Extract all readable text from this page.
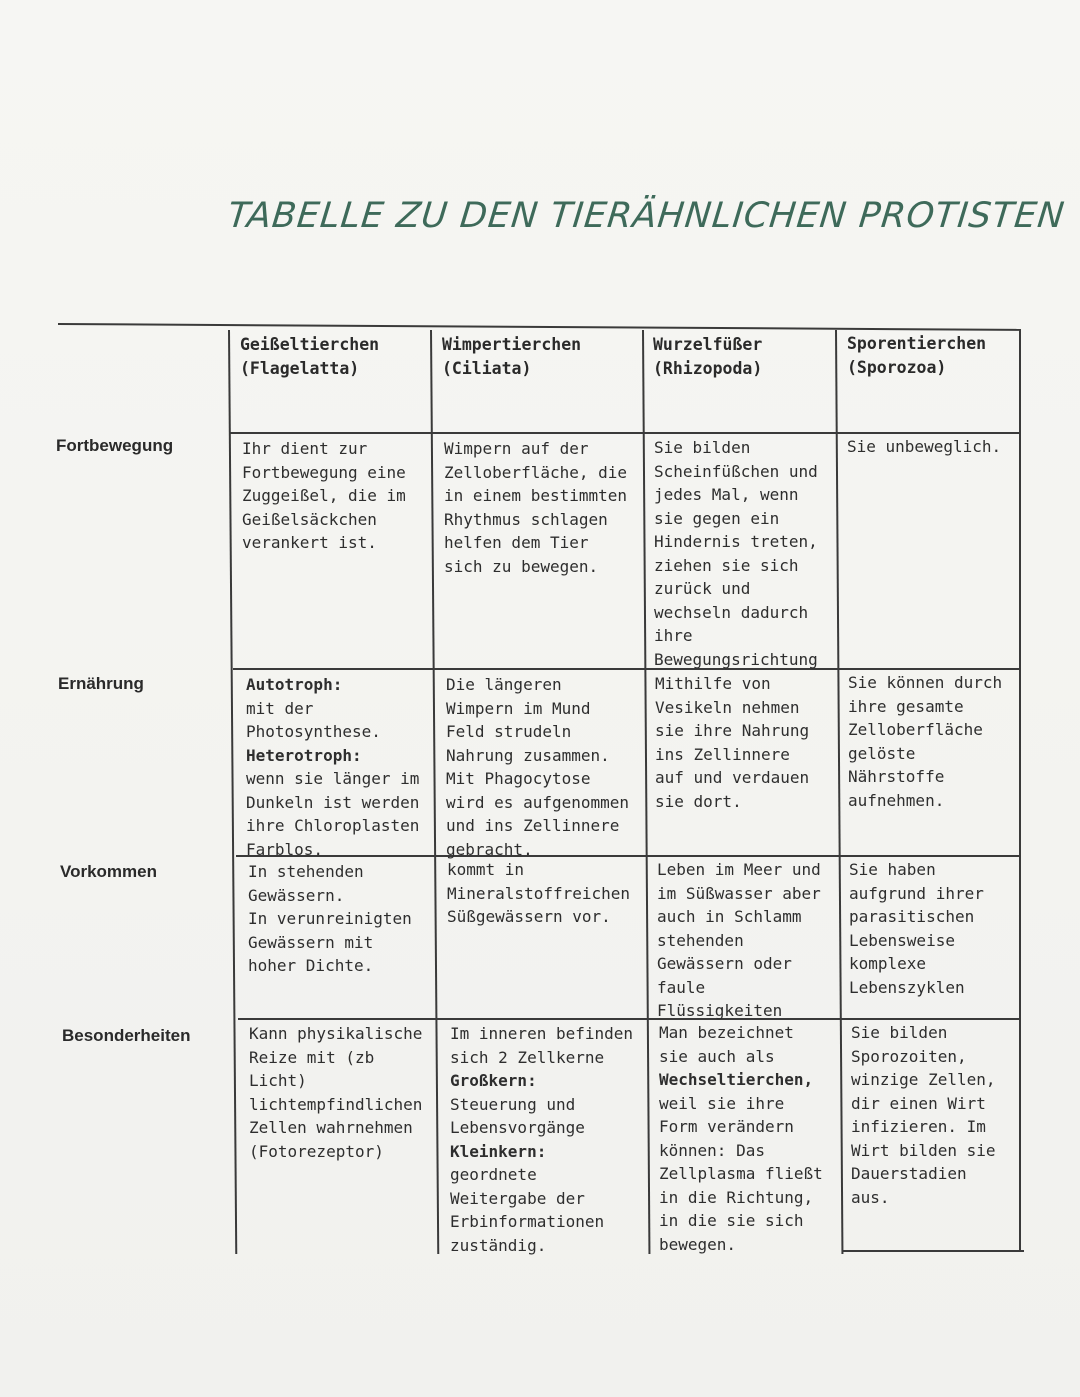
TABELLE ZU DEN TIERÄHNLICHEN PROTISTEN
Geißeltierchen
(Flagelatta)
Wimpertierchen
(Ciliata)
Wurzelfüßer
(Rhizopoda)
Sporentierchen
(Sporozoa)
Fortbewegung
Ernährung
Vorkommen
Besonderheiten
Ihr dient zur
Fortbewegung eine
Zuggeißel, die im
Geißelsäckchen
verankert ist.
Wimpern auf der
Zelloberfläche, die
in einem bestimmten
Rhythmus schlagen
helfen dem Tier
sich zu bewegen.
Sie bilden
Scheinfüßchen und
jedes Mal, wenn
sie gegen ein
Hindernis treten,
ziehen sie sich
zurück und
wechseln dadurch
ihre
Bewegungsrichtung
Sie unbeweglich.
Autotroph:
mit der
Photosynthese.
Heterotroph:
wenn sie länger im
Dunkeln ist werden
ihre Chloroplasten
Farblos.
Die längeren
Wimpern im Mund
Feld strudeln
Nahrung zusammen.
Mit Phagocytose
wird es aufgenommen
und ins Zellinnere
gebracht.
Mithilfe von
Vesikeln nehmen
sie ihre Nahrung
ins Zellinnere
auf und verdauen
sie dort.
Sie können durch
ihre gesamte
Zelloberfläche
gelöste
Nährstoffe
aufnehmen.
In stehenden
Gewässern.
In verunreinigten
Gewässern mit
hoher Dichte.
kommt in
Mineralstoffreichen
Süßgewässern vor.
Leben im Meer und
im Süßwasser aber
auch in Schlamm
stehenden
Gewässern oder
faule
Flüssigkeiten
Sie haben
aufgrund ihrer
parasitischen
Lebensweise
komplexe
Lebenszyklen
Kann physikalische
Reize mit (zb
Licht)
lichtempfindlichen
Zellen wahrnehmen
(Fotorezeptor)
Im inneren befinden
sich 2 Zellkerne
Großkern:
Steuerung und
Lebensvorgänge
Kleinkern:
geordnete
Weitergabe der
Erbinformationen
zuständig.
Man bezeichnet
sie auch als
Wechseltierchen,
weil sie ihre
Form verändern
können: Das
Zellplasma fließt
in die Richtung,
in die sie sich
bewegen.
Sie bilden
Sporozoiten,
winzige Zellen,
dir einen Wirt
infizieren. Im
Wirt bilden sie
Dauerstadien
aus.
